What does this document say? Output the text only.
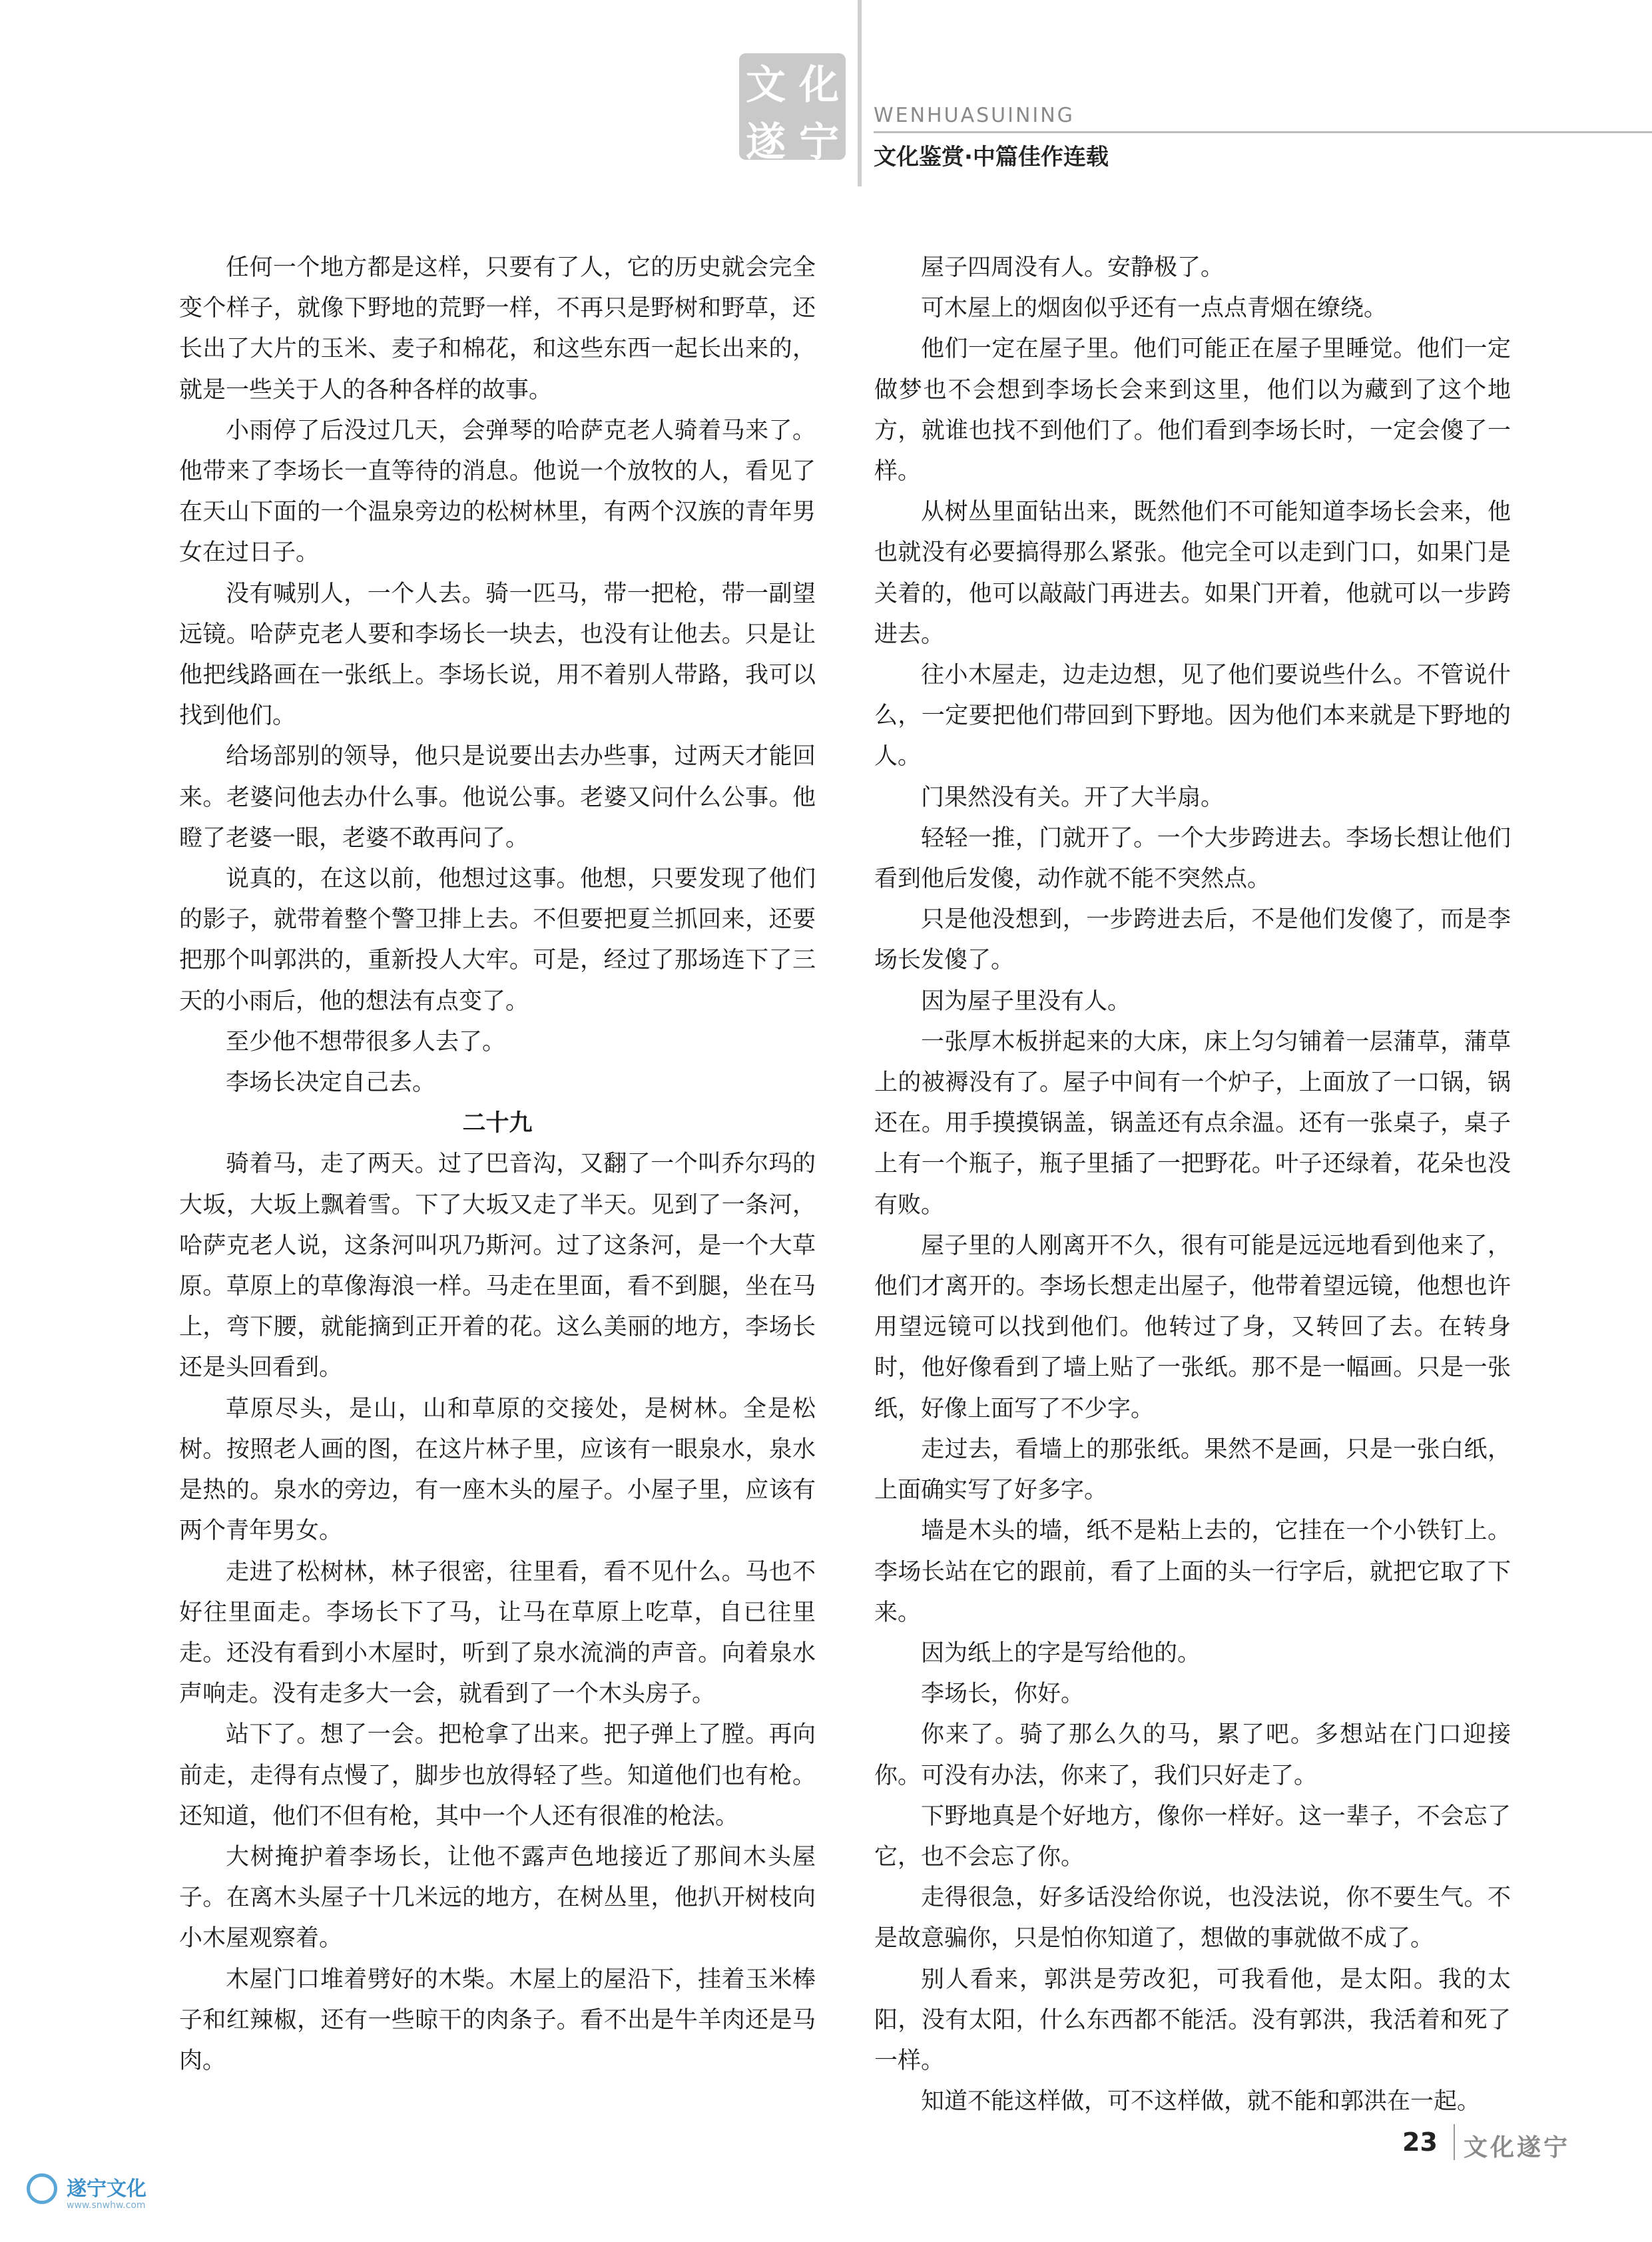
文 化
遂 宁
WENHUASUINING
文化鉴赏·中篇佳作连载

任何一个地方都是这样，只要有了人，它的历史就会完全变个样子，就像下野地的荒野一样，不再只是野树和野草，还长出了大片的玉米、麦子和棉花，和这些东西一起长出来的，就是一些关于人的各种各样的故事。

小雨停了后没过几天，会弹琴的哈萨克老人骑着马来了。他带来了李场长一直等待的消息。他说一个放牧的人，看见了在天山下面的一个温泉旁边的松树林里，有两个汉族的青年男女在过日子。

没有喊别人，一个人去。骑一匹马，带一把枪，带一副望远镜。哈萨克老人要和李场长一块去，也没有让他去。只是让他把线路画在一张纸上。李场长说，用不着别人带路，我可以找到他们。

给场部别的领导，他只是说要出去办些事，过两天才能回来。老婆问他去办什么事。他说公事。老婆又问什么公事。他瞪了老婆一眼，老婆不敢再问了。

说真的，在这以前，他想过这事。他想，只要发现了他们的影子，就带着整个警卫排上去。不但要把夏兰抓回来，还要把那个叫郭洪的，重新投人大牢。可是，经过了那场连下了三天的小雨后，他的想法有点变了。

至少他不想带很多人去了。

李场长决定自己去。

二十九

骑着马，走了两天。过了巴音沟，又翻了一个叫乔尔玛的大坂，大坂上飘着雪。下了大坂又走了半天。见到了一条河，哈萨克老人说，这条河叫巩乃斯河。过了这条河，是一个大草原。草原上的草像海浪一样。马走在里面，看不到腿，坐在马上，弯下腰，就能摘到正开着的花。这么美丽的地方，李场长还是头回看到。

草原尽头，是山，山和草原的交接处，是树林。全是松树。按照老人画的图，在这片林子里，应该有一眼泉水，泉水是热的。泉水的旁边，有一座木头的屋子。小屋子里，应该有两个青年男女。

走进了松树林，林子很密，往里看，看不见什么。马也不好往里面走。李场长下了马，让马在草原上吃草，自已往里走。还没有看到小木屋时，听到了泉水流淌的声音。向着泉水声响走。没有走多大一会，就看到了一个木头房子。

站下了。想了一会。把枪拿了出来。把子弹上了膛。再向前走，走得有点慢了，脚步也放得轻了些。知道他们也有枪。还知道，他们不但有枪，其中一个人还有很准的枪法。

大树掩护着李场长，让他不露声色地接近了那间木头屋子。在离木头屋子十几米远的地方，在树丛里，他扒开树枝向小木屋观察着。

木屋门口堆着劈好的木柴。木屋上的屋沿下，挂着玉米棒子和红辣椒，还有一些晾干的肉条子。看不出是牛羊肉还是马肉。

屋子四周没有人。安静极了。

可木屋上的烟囱似乎还有一点点青烟在缭绕。

他们一定在屋子里。他们可能正在屋子里睡觉。他们一定做梦也不会想到李场长会来到这里，他们以为藏到了这个地方，就谁也找不到他们了。他们看到李场长时，一定会傻了一样。

从树丛里面钻出来，既然他们不可能知道李场长会来，他也就没有必要搞得那么紧张。他完全可以走到门口，如果门是关着的，他可以敲敲门再进去。如果门开着，他就可以一步跨进去。

往小木屋走，边走边想，见了他们要说些什么。不管说什么，一定要把他们带回到下野地。因为他们本来就是下野地的人。

门果然没有关。开了大半扇。

轻轻一推，门就开了。一个大步跨进去。李场长想让他们看到他后发傻，动作就不能不突然点。

只是他没想到，一步跨进去后，不是他们发傻了，而是李场长发傻了。

因为屋子里没有人。

一张厚木板拼起来的大床，床上匀匀铺着一层蒲草，蒲草上的被褥没有了。屋子中间有一个炉子，上面放了一口锅，锅还在。用手摸摸锅盖，锅盖还有点余温。还有一张桌子，桌子上有一个瓶子，瓶子里插了一把野花。叶子还绿着，花朵也没有败。

屋子里的人刚离开不久，很有可能是远远地看到他来了，他们才离开的。李场长想走出屋子，他带着望远镜，他想也许用望远镜可以找到他们。他转过了身，又转回了去。在转身时，他好像看到了墙上贴了一张纸。那不是一幅画。只是一张纸，好像上面写了不少字。

走过去，看墙上的那张纸。果然不是画，只是一张白纸，上面确实写了好多字。

墙是木头的墙，纸不是粘上去的，它挂在一个小铁钉上。李场长站在它的跟前，看了上面的头一行字后，就把它取了下来。

因为纸上的字是写给他的。

李场长，你好。

你来了。骑了那么久的马，累了吧。多想站在门口迎接你。可没有办法，你来了，我们只好走了。

下野地真是个好地方，像你一样好。这一辈子，不会忘了它，也不会忘了你。

走得很急，好多话没给你说，也没法说，你不要生气。不是故意骗你，只是怕你知道了，想做的事就做不成了。

别人看来，郭洪是劳改犯，可我看他，是太阳。我的太阳，没有太阳，什么东西都不能活。没有郭洪，我活着和死了一样。

知道不能这样做，可不这样做，就不能和郭洪在一起。

23 文化遂宁
遂宁文化
www.snwhw.com
